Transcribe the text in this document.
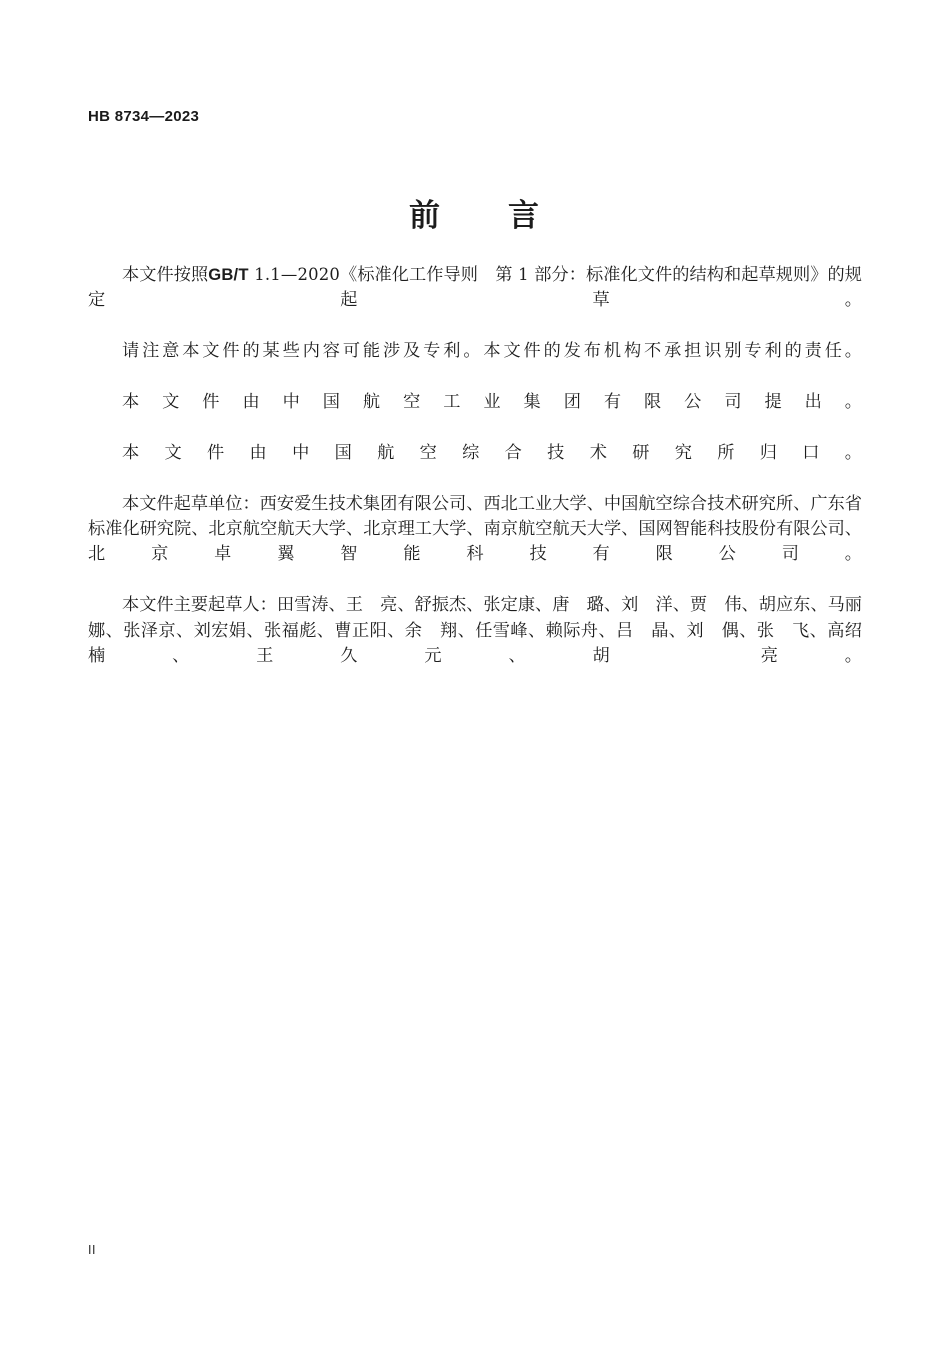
HB 8734—2023
前　　言

本文件按照GB/T 1.1—2020《标准化工作导则　 第 1 部分：标准化文件的结构和起草规则》的规定起草。

请注意本文件的某些内容可能涉及专利。本文件的发布机构不承担识别专利的责任。

本文件由中国航空工业集团有限公司提出。

本文件由中国航空综合技术研究所归口。

本文件起草单位：西安爱生技术集团有限公司、西北工业大学、中国航空综合技术研究所、广东省标准化研究院、北京航空航天大学、北京理工大学、南京航空航天大学、国网智能科技股份有限公司、北京卓翼智能科技有限公司。

本文件主要起草人：田雪涛、王　亮、舒振杰、张定康、唐　璐、刘　洋、贾　伟、胡应东、马丽娜、张泽京、刘宏娟、张福彪、曹正阳、余　翔、任雪峰、赖际舟、吕　晶、刘　偶、张　飞、高绍楠、王久元、胡　亮。

II
